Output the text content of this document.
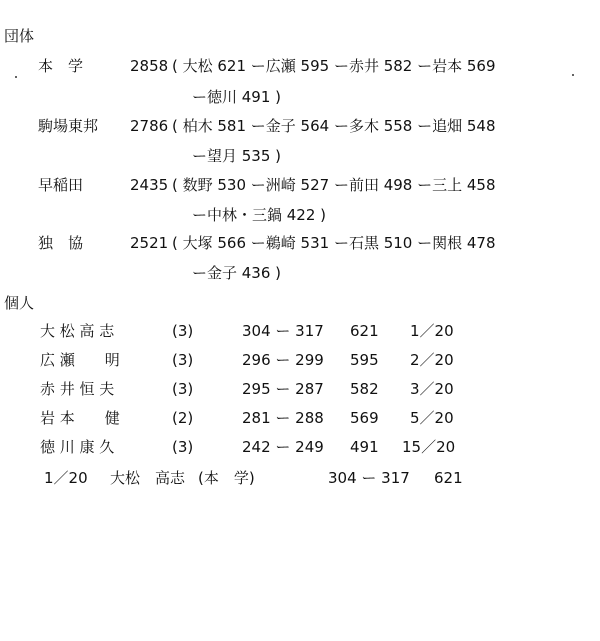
団体
本　学	2858 ( 大松 621 ー広瀬 595 ー赤井 582 ー岩本 569
ー徳川 491 )
駒場東邦 2786 ( 柏木 581 ー金子 564 ー多木 558 ー追畑 548
ー望月 535 )
早稲田	2435 ( 数野 530 ー洲崎 527 ー前田 498 ー三上 458
ー中林・三鍋 422 )
独　協	2521 ( 大塚 566 ー鵜崎 531 ー石黒 510 ー関根 478
ー金子 436 )
個人
大 松 高 志	(3)	304 ー 317 621 1／20
広 瀬　　明	(3)	296 ー 299 595 2／20
赤 井 恒 夫	(3)	295 ー 287 582 3／20
岩 本　　健	(2)	281 ー 288 569 5／20
徳 川 康 久	(3)	242 ー 249 491 15／20
1／20 大松　高志 (本　学)	304 ー 317 621
